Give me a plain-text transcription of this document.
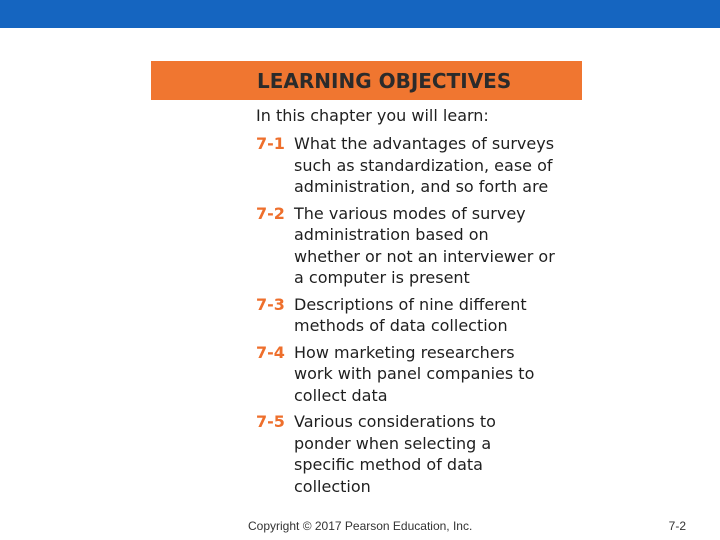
LEARNING OBJECTIVES
In this chapter you will learn:
7-1 What the advantages of surveys such as standardization, ease of administration, and so forth are
7-2 The various modes of survey administration based on whether or not an interviewer or a computer is present
7-3 Descriptions of nine different methods of data collection
7-4 How marketing researchers work with panel companies to collect data
7-5 Various considerations to ponder when selecting a specific method of data collection
Copyright © 2017 Pearson Education, Inc.	7-2
